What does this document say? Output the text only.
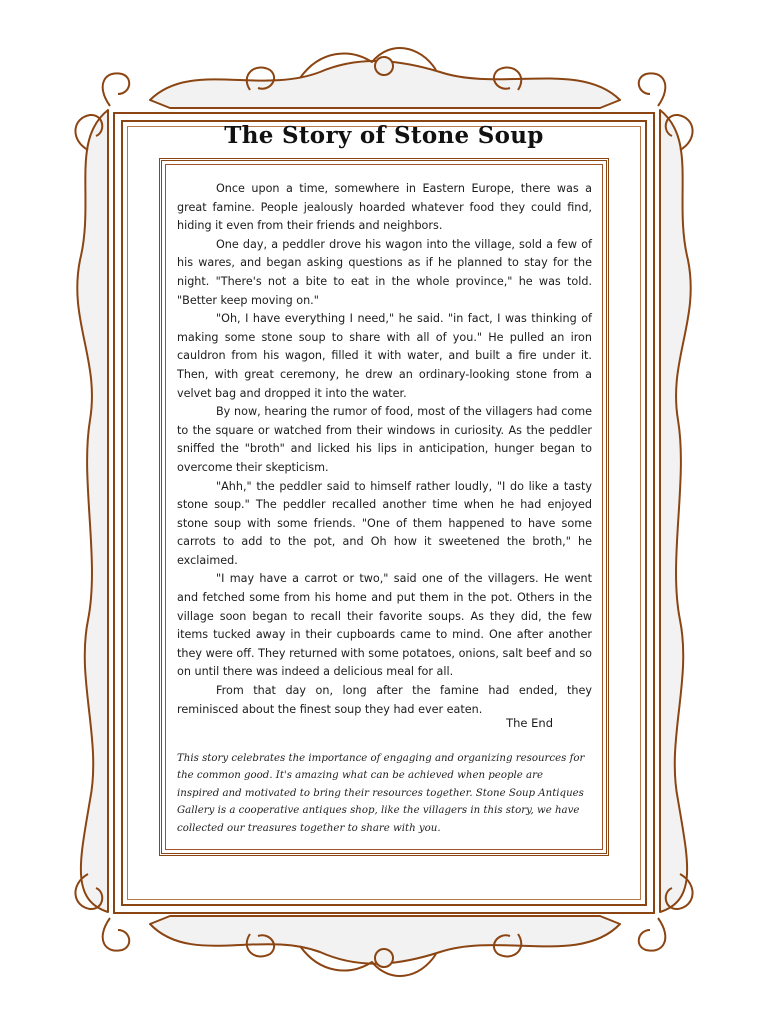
The Story of Stone Soup

Once upon a time, somewhere in Eastern Europe, there was a great famine. People jealously hoarded whatever food they could find, hiding it even from their friends and neighbors.

One day, a peddler drove his wagon into the village, sold a few of his wares, and began asking questions as if he planned to stay for the night. "There's not a bite to eat in the whole province," he was told. "Better keep moving on."

"Oh, I have everything I need," he said. "in fact, I was thinking of making some stone soup to share with all of you." He pulled an iron cauldron from his wagon, filled it with water, and built a fire under it. Then, with great ceremony, he drew an ordinary-looking stone from a velvet bag and dropped it into the water.

By now, hearing the rumor of food, most of the villagers had come to the square or watched from their windows in curiosity. As the peddler sniffed the "broth" and licked his lips in anticipation, hunger began to overcome their skepticism.

"Ahh," the peddler said to himself rather loudly, "I do like a tasty stone soup." The peddler recalled another time when he had enjoyed stone soup with some friends. "One of them happened to have some carrots to add to the pot, and Oh how it sweetened the broth," he exclaimed.

"I may have a carrot or two," said one of the villagers. He went and fetched some from his home and put them in the pot. Others in the village soon began to recall their favorite soups. As they did, the few items tucked away in their cupboards came to mind. One after another they were off. They returned with some potatoes, onions, salt beef and so on until there was indeed a delicious meal for all.

From that day on, long after the famine had ended, they reminisced about the finest soup they had ever eaten.

The End

This story celebrates the importance of engaging and organizing resources for the common good. It's amazing what can be achieved when people are inspired and motivated to bring their resources together. Stone Soup Antiques Gallery is a cooperative antiques shop, like the villagers in this story, we have collected our treasures together to share with you.
